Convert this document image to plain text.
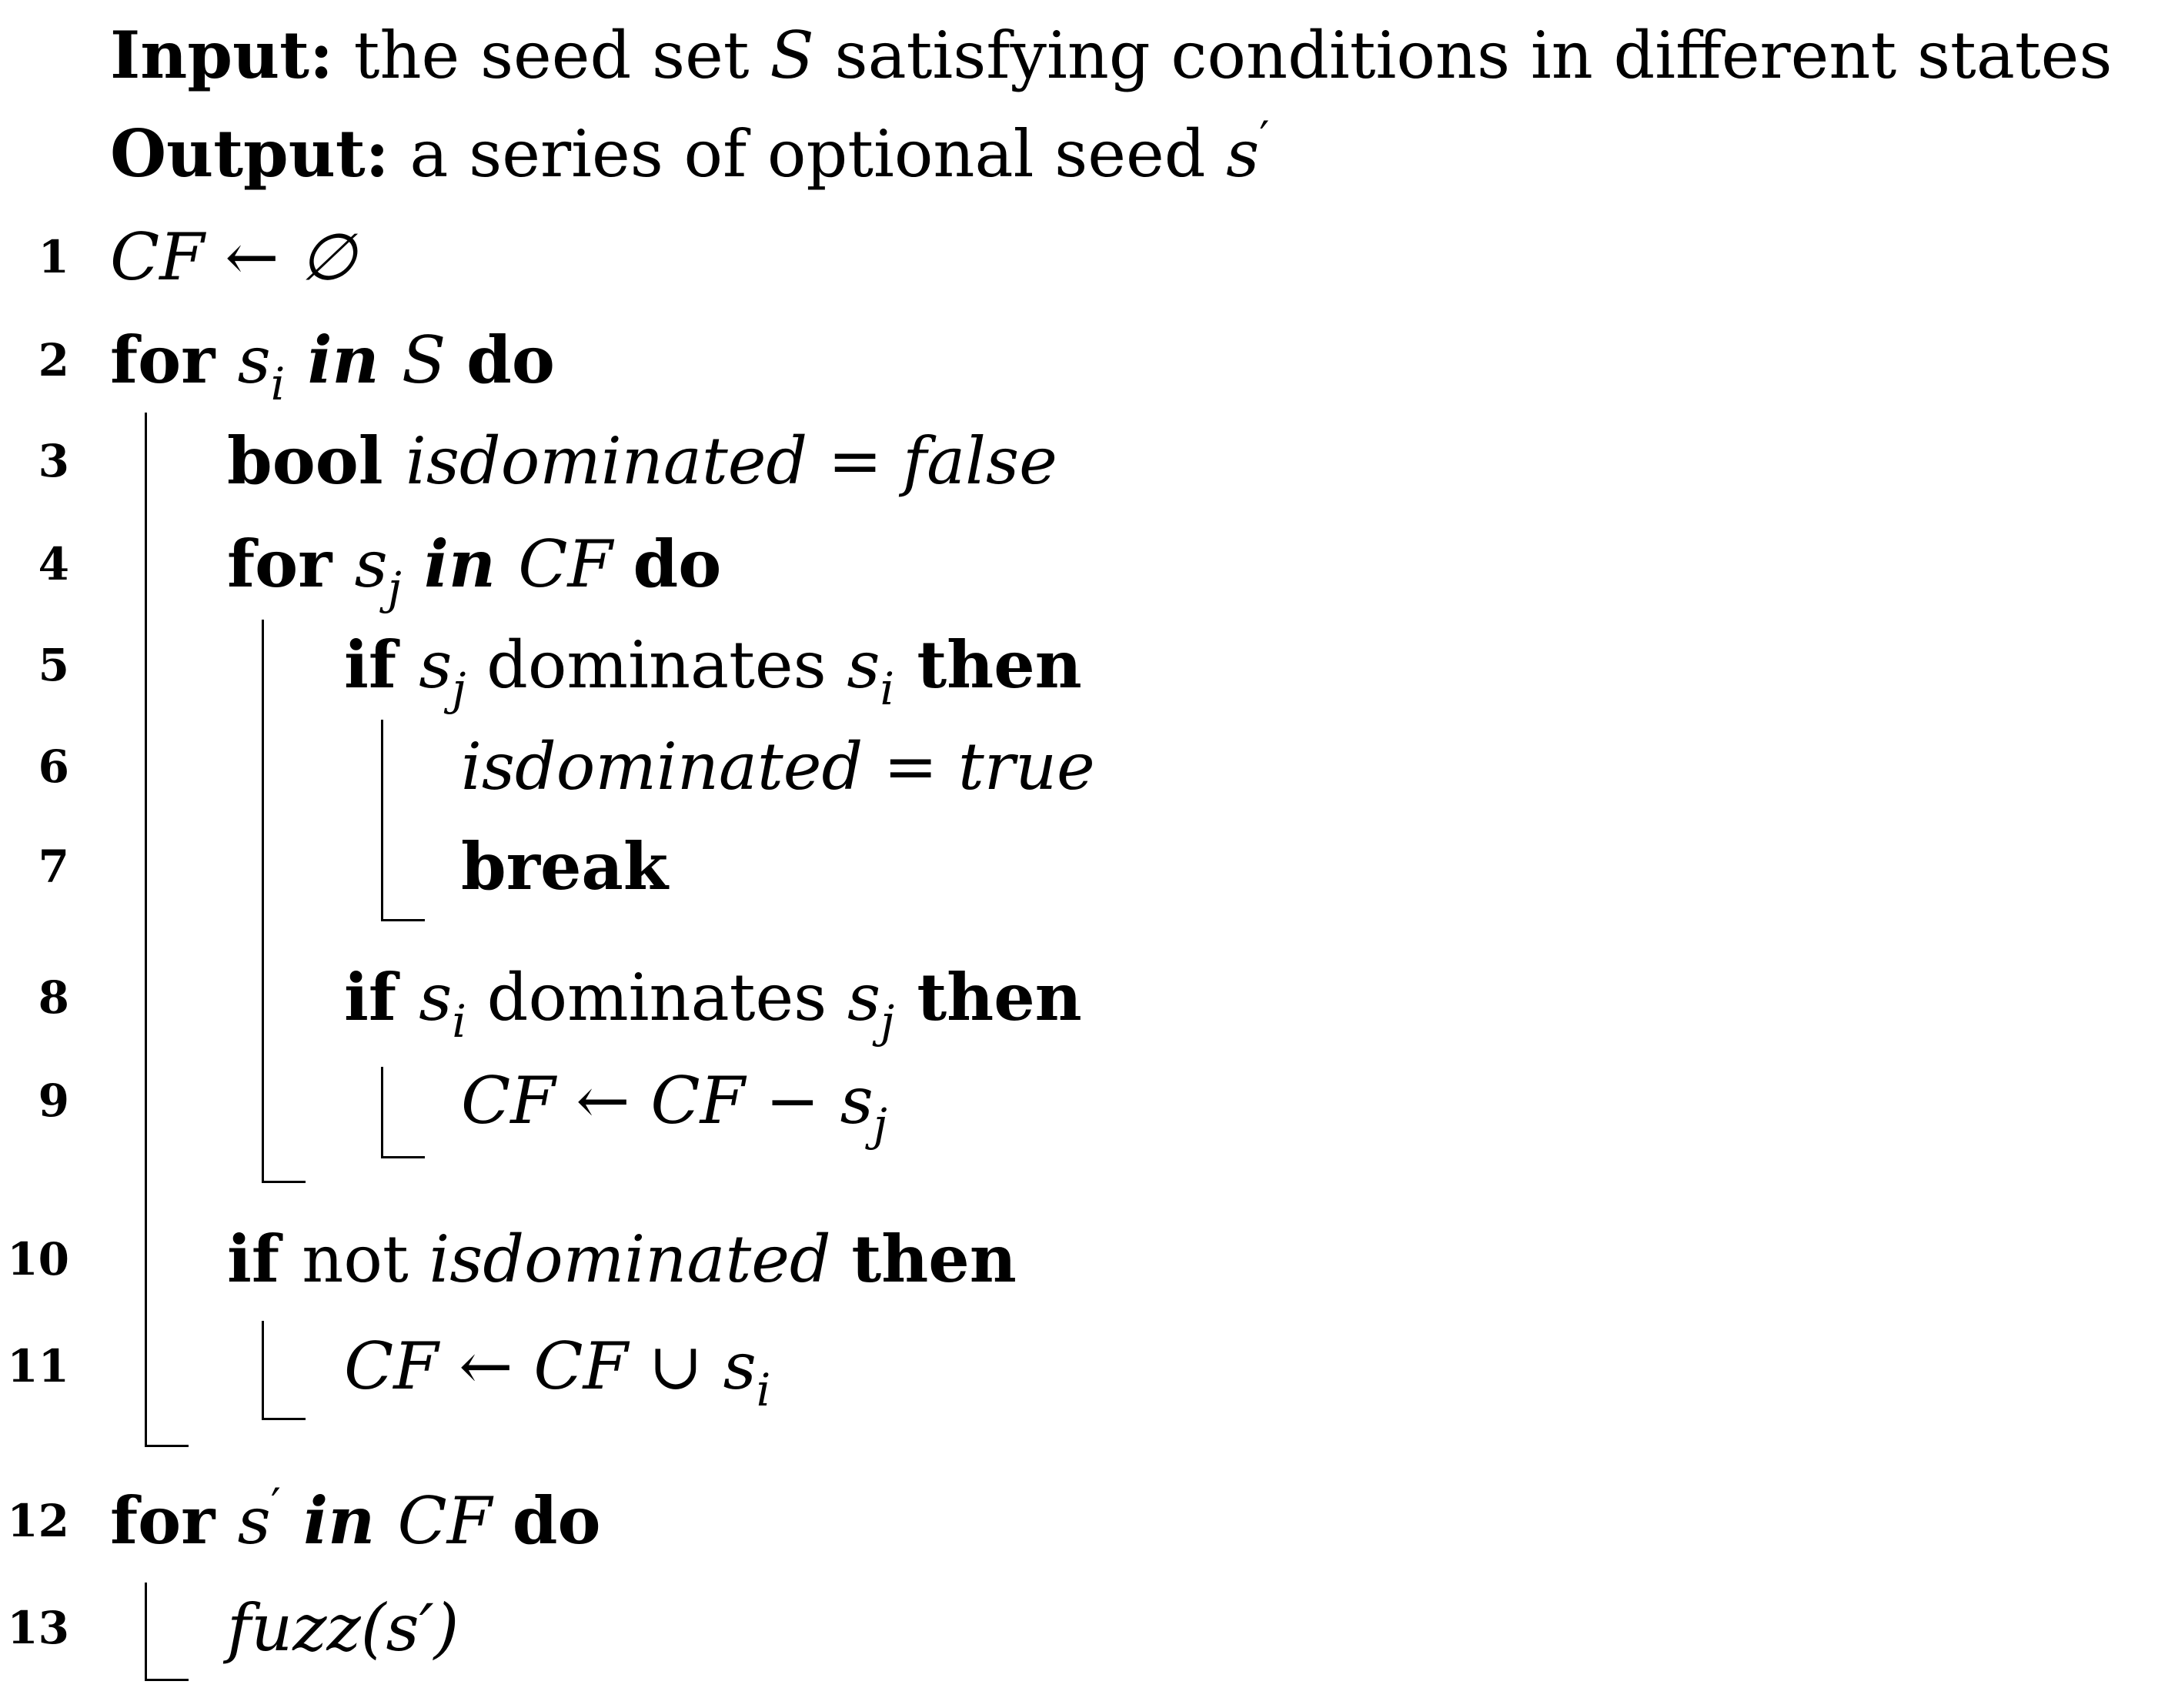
Input: the seed set S satisfying conditions in different states
Output: a series of optional seed s′
1 CF ← ∅
2 for $s_i$ in S do
3 bool isdominated = false
4 for $s_j$ in CF do
5	if $s_j$ dominates $s_i$ then
6	isdominated = true
7	break
8	if $s_i$ dominates $s_j$ then
9	CF ← CF − $s_j$
10 if not isdominated then
11	CF ← CF ∪ $s_i$
12 for s′ in CF do
13 fuzz(s′)
